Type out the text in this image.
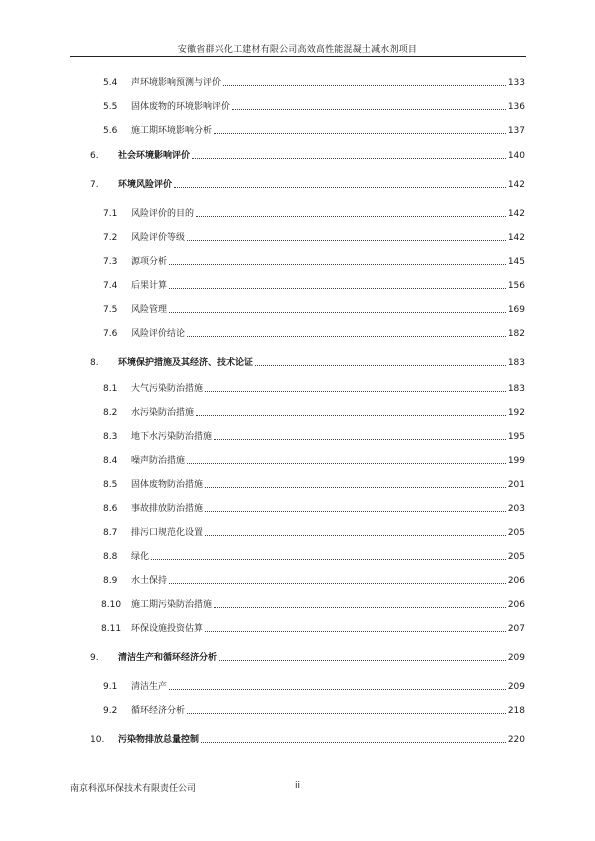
安徽省群兴化工建材有限公司高效高性能混凝土减水剂项目
5.4 声环境影响预测与评价	133
5.5 固体废物的环境影响评价	136
5.6 施工期环境影响分析	137
6. 社会环境影响评价	140
7. 环境风险评价	142
7.1 风险评价的目的	142
7.2 风险评价等级	142
7.3 源项分析	145
7.4 后果计算	156
7.5 风险管理	169
7.6 风险评价结论	182
8. 环境保护措施及其经济、技术论证	183
8.1 大气污染防治措施	183
8.2 水污染防治措施	192
8.3 地下水污染防治措施	195
8.4 噪声防治措施	199
8.5 固体废物防治措施	201
8.6 事故排放防治措施	203
8.7 排污口规范化设置	205
8.8 绿化	205
8.9 水土保持	206
8.10 施工期污染防治措施	206
8.11 环保设施投资估算	207
9. 清洁生产和循环经济分析	209
9.1 清洁生产	209
9.2 循环经济分析	218
10. 污染物排放总量控制	220
南京科泓环保技术有限责任公司	ii
